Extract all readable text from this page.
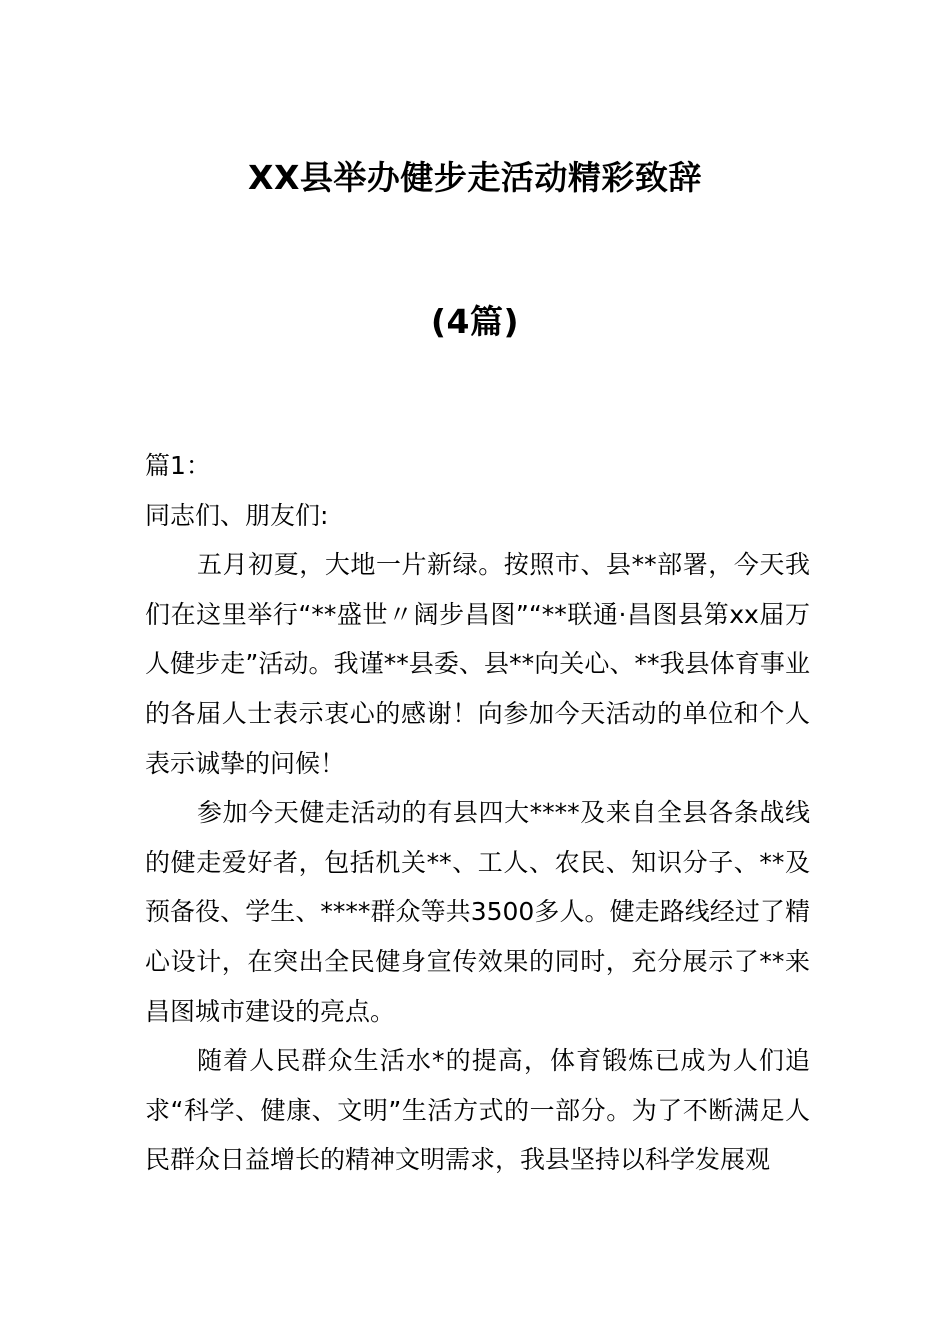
XX县举办健步走活动精彩致辞
(4篇)

篇1：

同志们、朋友们:

五月初夏，大地一片新绿。按照市、县**部署，今天我们在这里举行“**盛世〃阔步昌图”“**联通·昌图县第xx届万人健步走”活动。我谨**县委、县**向关心、**我县体育事业的各届人士表示衷心的感谢！向参加今天活动的单位和个人表示诚挚的问候！

参加今天健走活动的有县四大****及来自全县各条战线的健走爱好者，包括机关**、工人、农民、知识分子、**及预备役、学生、****群众等共3500多人。健走路线经过了精心设计，在突出全民健身宣传效果的同时，充分展示了**来昌图城市建设的亮点。

随着人民群众生活水*的提高，体育锻炼已成为人们追求“科学、健康、文明”生活方式的一部分。为了不断满足人民群众日益增长的精神文明需求，我县坚持以科学发展观
